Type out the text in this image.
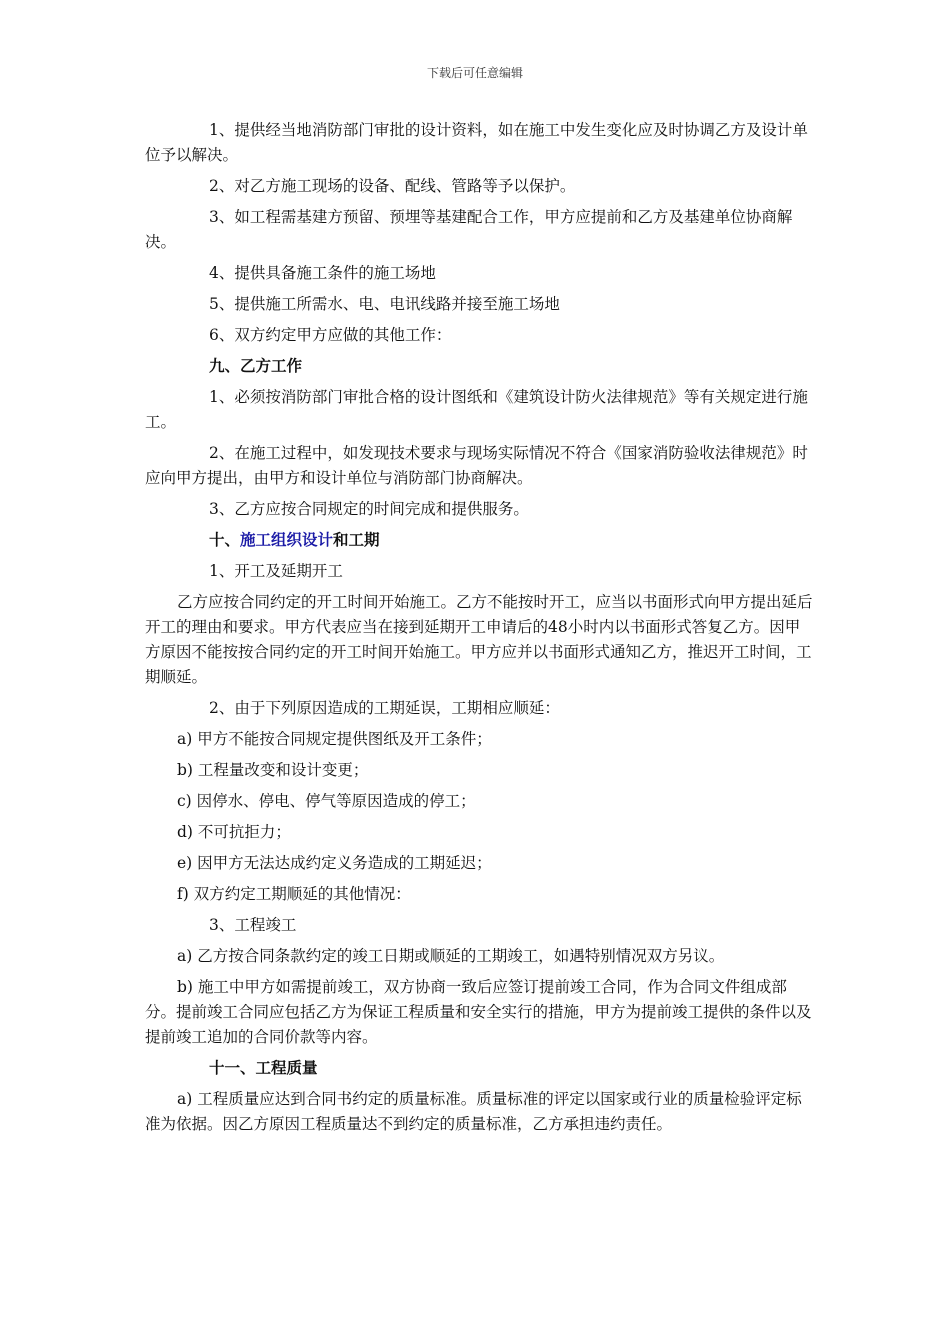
下载后可任意编辑

1、提供经当地消防部门审批的设计资料，如在施工中发生变化应及时协调乙方及设计单位予以解决。

2、对乙方施工现场的设备、配线、管路等予以保护。

3、如工程需基建方预留、预埋等基建配合工作，甲方应提前和乙方及基建单位协商解决。

4、提供具备施工条件的施工场地

5、提供施工所需水、电、电讯线路并接至施工场地

6、双方约定甲方应做的其他工作：

九、乙方工作

1、必须按消防部门审批合格的设计图纸和《建筑设计防火法律规范》等有关规定进行施工。

2、在施工过程中，如发现技术要求与现场实际情况不符合《国家消防验收法律规范》时应向甲方提出，由甲方和设计单位与消防部门协商解决。

3、乙方应按合同规定的时间完成和提供服务。

十、施工组织设计和工期

1、开工及延期开工

乙方应按合同约定的开工时间开始施工。乙方不能按时开工，应当以书面形式向甲方提出延后开工的理由和要求。甲方代表应当在接到延期开工申请后的48小时内以书面形式答复乙方。因甲方原因不能按按合同约定的开工时间开始施工。甲方应并以书面形式通知乙方，推迟开工时间，工期顺延。

2、由于下列原因造成的工期延误，工期相应顺延：

a) 甲方不能按合同规定提供图纸及开工条件；

b) 工程量改变和设计变更；

c) 因停水、停电、停气等原因造成的停工；

d) 不可抗拒力；

e) 因甲方无法达成约定义务造成的工期延迟；

f) 双方约定工期顺延的其他情况：

3、工程竣工

a) 乙方按合同条款约定的竣工日期或顺延的工期竣工，如遇特别情况双方另议。

b) 施工中甲方如需提前竣工，双方协商一致后应签订提前竣工合同，作为合同文件组成部分。提前竣工合同应包括乙方为保证工程质量和安全实行的措施，甲方为提前竣工提供的条件以及提前竣工追加的合同价款等内容。

十一、工程质量

a) 工程质量应达到合同书约定的质量标准。质量标准的评定以国家或行业的质量检验评定标准为依据。因乙方原因工程质量达不到约定的质量标准，乙方承担违约责任。
